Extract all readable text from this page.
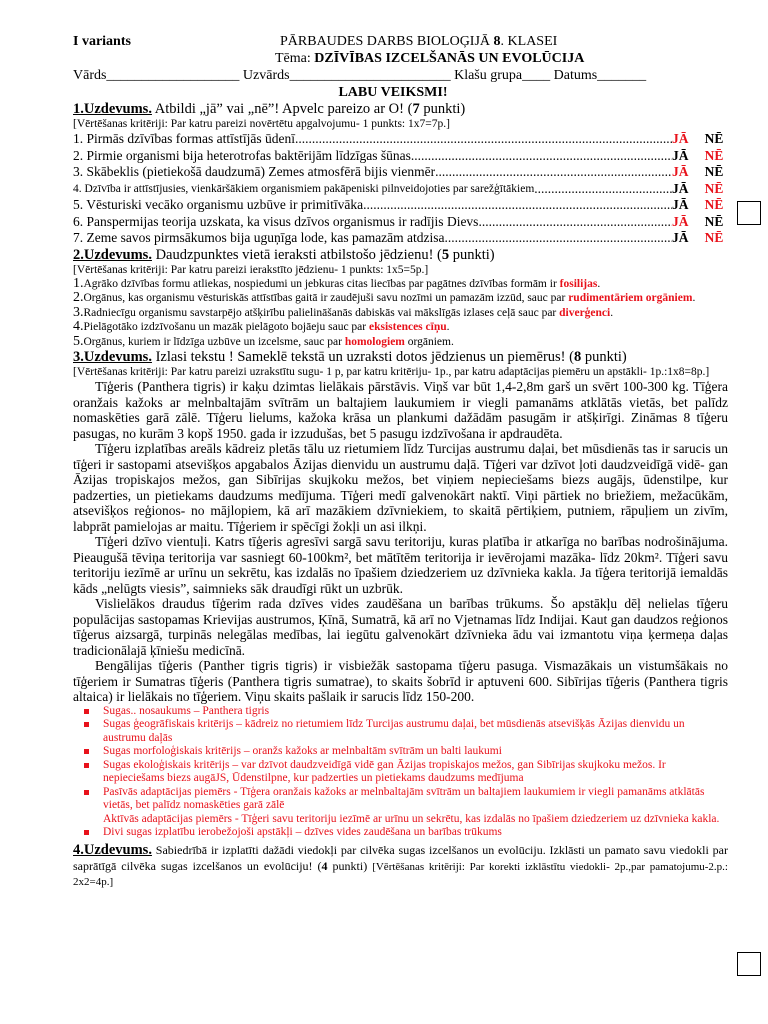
I variants	PĀRBAUDES DARBS BIOLOĢIJĀ 8. KLASEI
Tēma: DZĪVĪBAS IZCELŠANĀS UN EVOLŪCIJA
Vārds___________________ Uzvārds_______________________ Klašu grupa____ Datums_______
LABU VEIKSMI!
1.Uzdevums. Atbildi „jā” vai „nē”! Apvelc pareizo ar O! (7 punkti)
[Vērtēšanas kritēriji: Par katru pareizi novērtētu apgalvojumu- 1 punkts: 1x7=7p.]
1. Pirmās dzīvības formas attīstījās ūdenī .....	JĀ	NĒ
2. Pirmie organismi bija heterotrofas baktērijām līdzīgas šūnas .....	JĀ	NĒ
3. Skābeklis (pietiekošā daudzumā) Zemes atmosfērā bijis vienmēr .....	JĀ	NĒ
4. Dzīvība ir attīstījusies, vienkāršākiem organismiem pakāpeniski pilnveidojoties par sarežģītākiem .....	JĀ	NĒ
5. Vēsturiski vecāko organismu uzbūve ir primitīvāka .....	JĀ	NĒ
6. Panspermijas teorija uzskata, ka visus dzīvos organismus ir radījis Dievs .....	JĀ	NĒ
7. Zeme savos pirmsākumos bija uguņīga lode, kas pamazām atdzisa .....	JĀ	NĒ
2.Uzdevums. Daudzpunktes vietā ieraksti atbilstošo jēdzienu! (5 punkti)
[Vērtēšanas kritēriji: Par katru pareizi ierakstīto jēdzienu- 1 punkts: 1x5=5p.]
1.Agrāko dzīvības formu atliekas, nospiedumi un jebkuras citas liecības par pagātnes dzīvības formām ir fosilijas.
2.Orgānus, kas organismu vēsturiskās attīstības gaitā ir zaudējuši savu nozīmi un pamazām izzūd, sauc par rudimentāriem orgāniem.
3.Radniecīgu organismu savstarpējo atšķirību palielināšanās dabiskās vai mākslīgās izlases ceļā sauc par diverģenci.
4.Pielāgotāko izdzīvošanu un mazāk pielāgoto bojāeju sauc par eksistences cīņu.
5.Orgānus, kuriem ir līdzīga uzbūve un izcelsme, sauc par homologiem orgāniem.
3.Uzdevums. Izlasi tekstu ! Sameklē tekstā un uzraksti dotos jēdzienus un piemērus! (8 punkti)
[Vērtēšanas kritēriji: Par katru pareizi uzrakstītu sugu- 1 p, par katru kritēriju- 1p., par katru adaptācijas piemēru un apstākli- 1p.:1x8=8p.]
Tīģeris (Panthera tigris) ir kaķu dzimtas lielākais pārstāvis. Viņš var būt 1,4-2,8m garš un svērt 100-300 kg. Tīģera oranžais kažoks ar melnbaltajām svītrām un baltajiem laukumiem ir viegli pamanāms atklātās vietās, bet palīdz nomaskēties garā zālē. Tīģeru lielums, kažoka krāsa un plankumi dažādām pasugām ir atšķirīgi. Zināmas 8 tīģeru pasugas, no kurām 3 kopš 1950. gada ir izzudušas, bet 5 pasugu izdzīvošana ir apdraudēta.
Tīģeru izplatības areāls kādreiz pletās tālu uz rietumiem līdz Turcijas austrumu daļai, bet mūsdienās tas ir sarucis un tīģeri ir sastopami atsevišķos apgabalos Āzijas dienvidu un austrumu daļā. Tīģeri var dzīvot ļoti daudzveidīgā vidē- gan Āzijas tropiskajos mežos, gan Sibīrijas skujkoku mežos, bet viņiem nepieciešams biezs augājs, ūdenstilpe, kur padzerties, un pietiekams daudzums medījuma. Tīģeri medī galvenokārt naktī. Viņi pārtiek no briežiem, mežacūkām, atsevišķos reģionos- no mājlopiem, kā arī mazākiem dzīvniekiem, to skaitā pērtiķiem, putniem, rāpuļiem un zivīm, labprāt pamielojas ar maitu. Tīģeriem ir spēcīgi žokļi un asi ilkņi.
Tīģeri dzīvo vientuļi. Katrs tīģeris agresīvi sargā savu teritoriju, kuras platība ir atkarīga no barības nodrošinājuma. Pieaugušā tēviņa teritorija var sasniegt 60-100km², bet mātītēm teritorija ir ievērojami mazāka- līdz 20km². Tīģeri savu teritoriju iezīmē ar urīnu un sekrētu, kas izdalās no īpašiem dziedzeriem uz dzīvnieka kakla. Ja tīģera teritorijā iemaldās kāds „nelūgts viesis”, saimnieks sāk draudīgi rūkt un uzbrūk.
Vislielākos draudus tīģerim rada dzīves vides zaudēšana un barības trūkums. Šo apstākļu dēļ nelielas tīģeru populācijas sastopamas Krievijas austrumos, Ķīnā, Sumatrā, kā arī no Vjetnamas līdz Indijai. Kaut gan daudzos reģionos tīģerus aizsargā, turpinās nelegālas medības, lai iegūtu galvenokārt dzīvnieka ādu vai izmantotu viņa ķermeņa daļas tradicionālajā ķīniešu medicīnā.
Bengālijas tīģeris (Panther tigris tigris) ir visbiežāk sastopama tīģeru pasuga. Vismazākais un vistumšākais no tīģeriem ir Sumatras tīģeris (Panthera tigris sumatrae), to skaits šobrīd ir aptuveni 600. Sibīrijas tīģeris (Panthera tigris altaica) ir lielākais no tīģeriem. Viņu skaits pašlaik ir sarucis līdz 150-200.
Sugas.. nosaukums – Panthera tigris
Sugas ģeogrāfiskais kritērijs – kādreiz no rietumiem līdz Turcijas austrumu daļai, bet mūsdienās atsevišķās Āzijas dienvidu un austrumu daļās
Sugas morfoloģiskais kritērijs – oranžs kažoks ar melnbaltām svītrām un balti laukumi
Sugas ekoloģiskais kritērijs – var dzīvot daudzveidīgā vidē gan Āzijas tropiskajos mežos, gan Sibīrijas skujkoku mežos. Ir nepieciešams biezs augāJS, Ūdenstilpne, kur padzerties un pietiekams daudzums medījuma
Pasīvās adaptācijas piemērs - Tīģera oranžais kažoks ar melnbaltajām svītrām un baltajiem laukumiem ir viegli pamanāms atklātās vietās, bet palīdz nomaskēties garā zālē
Aktīvās adaptācijas piemērs - Tīģeri savu teritoriju iezīmē ar urīnu un sekrētu, kas izdalās no īpašiem dziedzeriem uz dzīvnieka kakla.
Divi sugas izplatību ierobežojoši apstākļi – dzīves vides zaudēšana un barības trūkums
4.Uzdevums. Sabiedrībā ir izplatīti dažādi viedokļi par cilvēka sugas izcelšanos un evolūciju. Izklāsti un pamato savu viedokli par saprātīgā cilvēka sugas izcelšanos un evolūciju! (4 punkti) [Vērtēšanas kritēriji: Par korekti izklāstītu viedokli- 2p.,par pamatojumu-2.p.: 2x2=4p.]
